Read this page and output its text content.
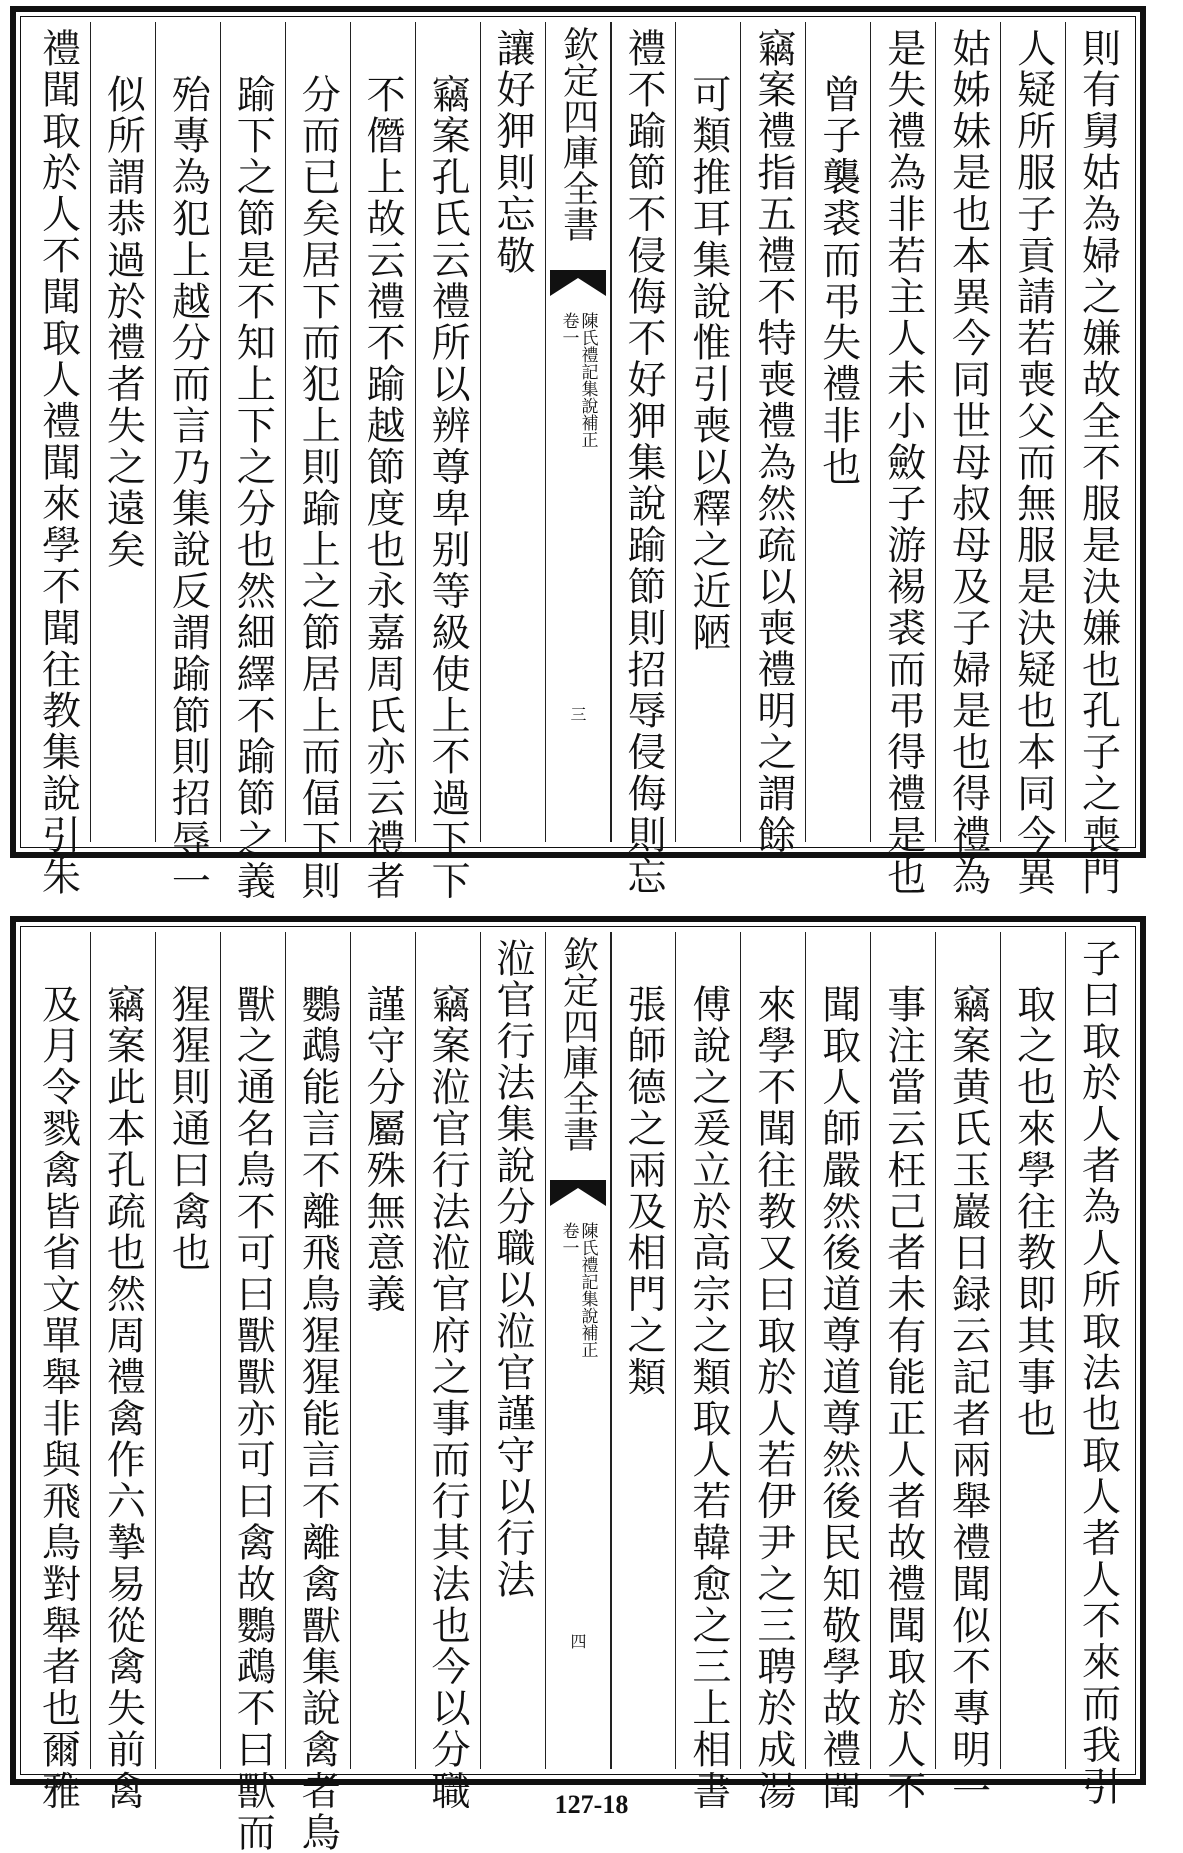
則有舅姑為婦之嫌故全不服是決嫌也孔子之喪門
人疑所服子貢請若喪父而無服是決疑也本同今異
姑姊妹是也本異今同世母叔母及子婦是也得禮為
是失禮為非若主人未小斂子游裼裘而弔得禮是也
曾子襲裘而弔失禮非也
竊案禮指五禮不特喪禮為然疏以喪禮明之謂餘
可類推耳集說惟引喪以釋之近陋
禮不踰節不侵侮不好狎集說踰節則招辱侵侮則忘
欽定四庫全書
陳氏禮記集說補正
卷一
三
讓好狎則忘敬
竊案孔氏云禮所以辨尊卑别等級使上不過下下
不僭上故云禮不踰越節度也永嘉周氏亦云禮者
分而已矣居下而犯上則踰上之節居上而偪下則
踰下之節是不知上下之分也然細繹不踰節之義
殆專為犯上越分而言乃集說反謂踰節則招辱一
似所謂恭過於禮者失之遠矣
禮聞取於人不聞取人禮聞來學不聞往教集說引朱
子曰取於人者為人所取法也取人者人不來而我引
取之也來學往教即其事也
竊案黄氏玉巖日録云記者兩舉禮聞似不專明一
事注當云枉己者未有能正人者故禮聞取於人不
聞取人師嚴然後道尊道尊然後民知敬學故禮聞
來學不聞往教又曰取於人若伊尹之三聘於成湯
傅說之爰立於高宗之類取人若韓愈之三上相書
張師德之兩及相門之類
欽定四庫全書
陳氏禮記集說補正
卷一
四
涖官行法集說分職以涖官謹守以行法
竊案涖官行法涖官府之事而行其法也今以分職
謹守分屬殊無意義
鸚鵡能言不離飛鳥猩猩能言不離禽獸集說禽者鳥
獸之通名鳥不可曰獸獸亦可曰禽故鸚鵡不曰獸而
猩猩則通曰禽也
竊案此本孔疏也然周禮禽作六摯易從禽失前禽
及月令戮禽皆省文單舉非與飛鳥對舉者也爾雅	127-18
